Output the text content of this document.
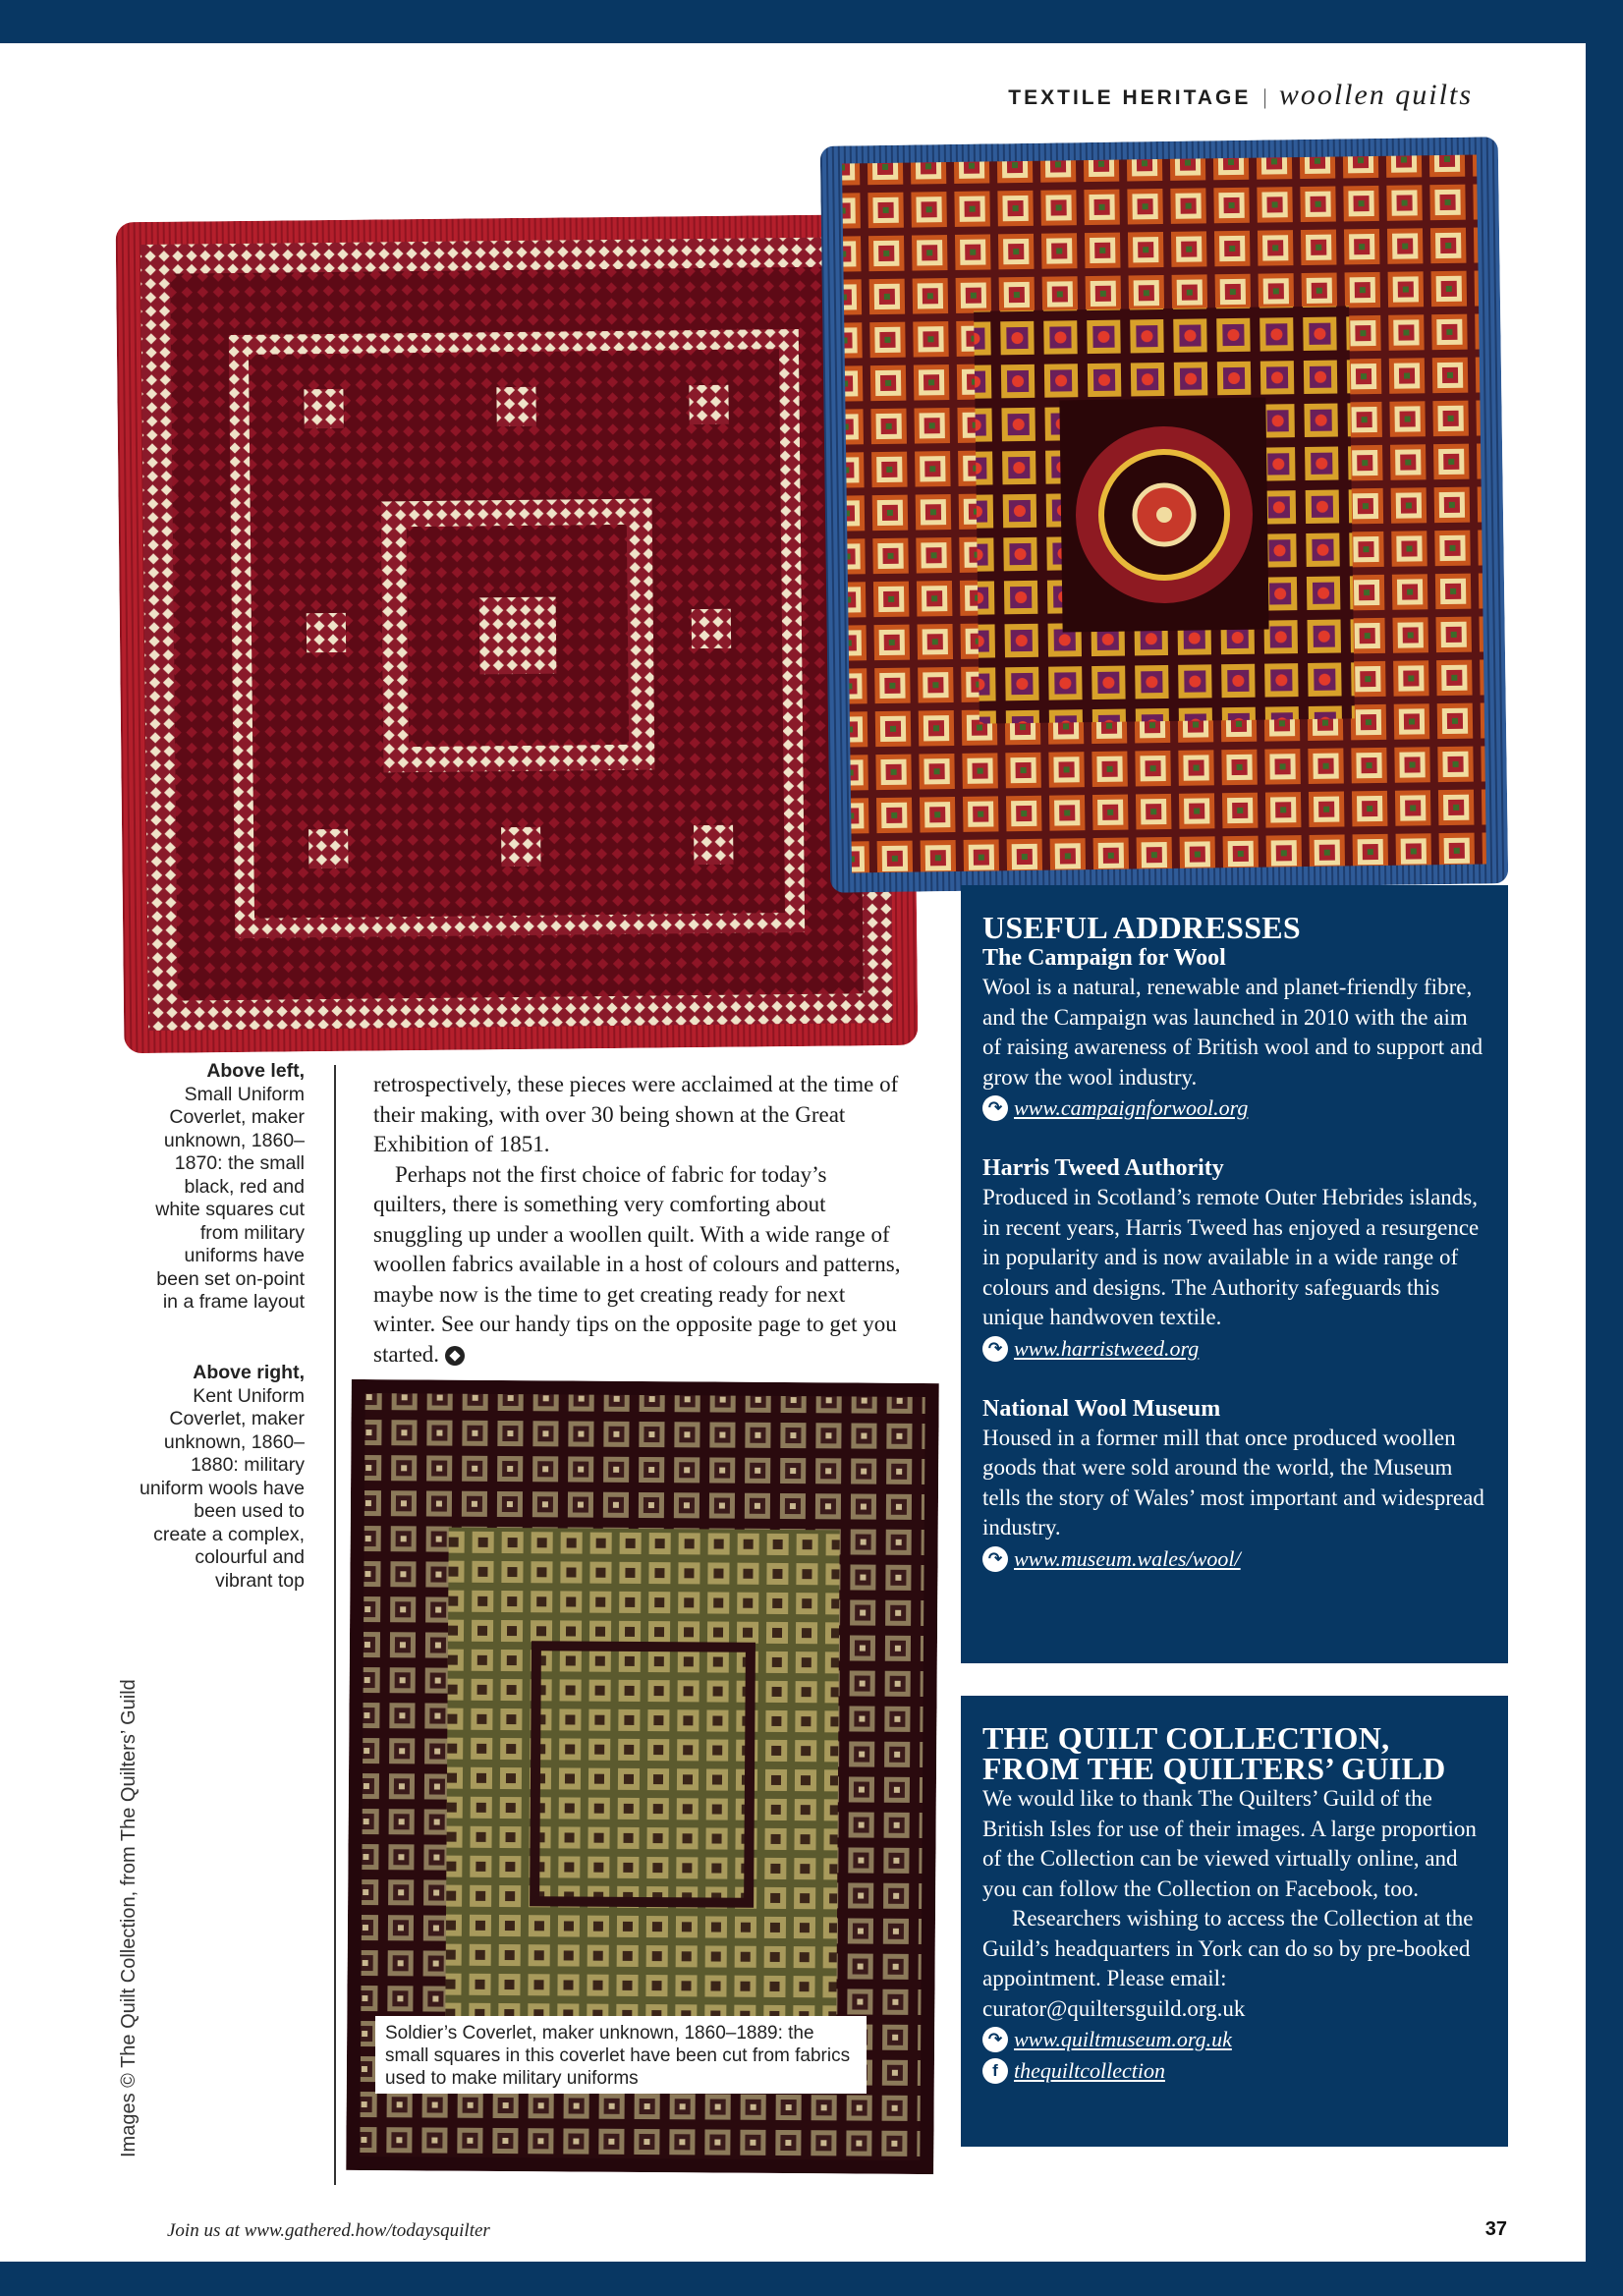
TEXTILE HERITAGE | woollen quilts
Above left,
Small Uniform Coverlet, maker unknown, 1860–1870: the small black, red and white squares cut from military uniforms have been set on-point in a frame layout
Above right,
Kent Uniform Coverlet, maker unknown, 1860–1880: military uniform wools have been used to create a complex, colourful and vibrant top
Images © The Quilt Collection, from The Quilters’ Guild

retrospectively, these pieces were acclaimed at the time of their making, with over 30 being shown at the Great Exhibition of 1851.

Perhaps not the first choice of fabric for today’s quilters, there is something very comforting about snuggling up under a woollen quilt. With a wide range of woollen fabrics available in a host of colours and patterns, maybe now is the time to get creating ready for next winter. See our handy tips on the opposite page to get you started.

Soldier’s Coverlet, maker unknown, 1860–1889: the small squares in this coverlet have been cut from fabrics used to make military uniforms
USEFUL ADDRESSES

The Campaign for Wool

Wool is a natural, renewable and planet-friendly fibre, and the Campaign was launched in 2010 with the aim of raising awareness of British wool and to support and grow the wool industry.

↷ www.campaignforwool.org

Harris Tweed Authority

Produced in Scotland’s remote Outer Hebrides islands, in recent years, Harris Tweed has enjoyed a resurgence in popularity and is now available in a wide range of colours and designs. The Authority safeguards this unique handwoven textile.

↷ www.harristweed.org

National Wool Museum

Housed in a former mill that once produced woollen goods that were sold around the world, the Museum tells the story of Wales’ most important and widespread industry.

↷ www.museum.wales/wool/
THE QUILT COLLECTION,
FROM THE QUILTERS’ GUILD

We would like to thank The Quilters’ Guild of the British Isles for use of their images. A large proportion of the Collection can be viewed virtually online, and you can follow the Collection on Facebook, too.

Researchers wishing to access the Collection at the Guild’s headquarters in York can do so by pre-booked appointment. Please email: curator@quiltersguild.org.uk

↷ www.quiltmuseum.org.uk
f thequiltcollection
Join us at www.gathered.how/todaysquilter	37
